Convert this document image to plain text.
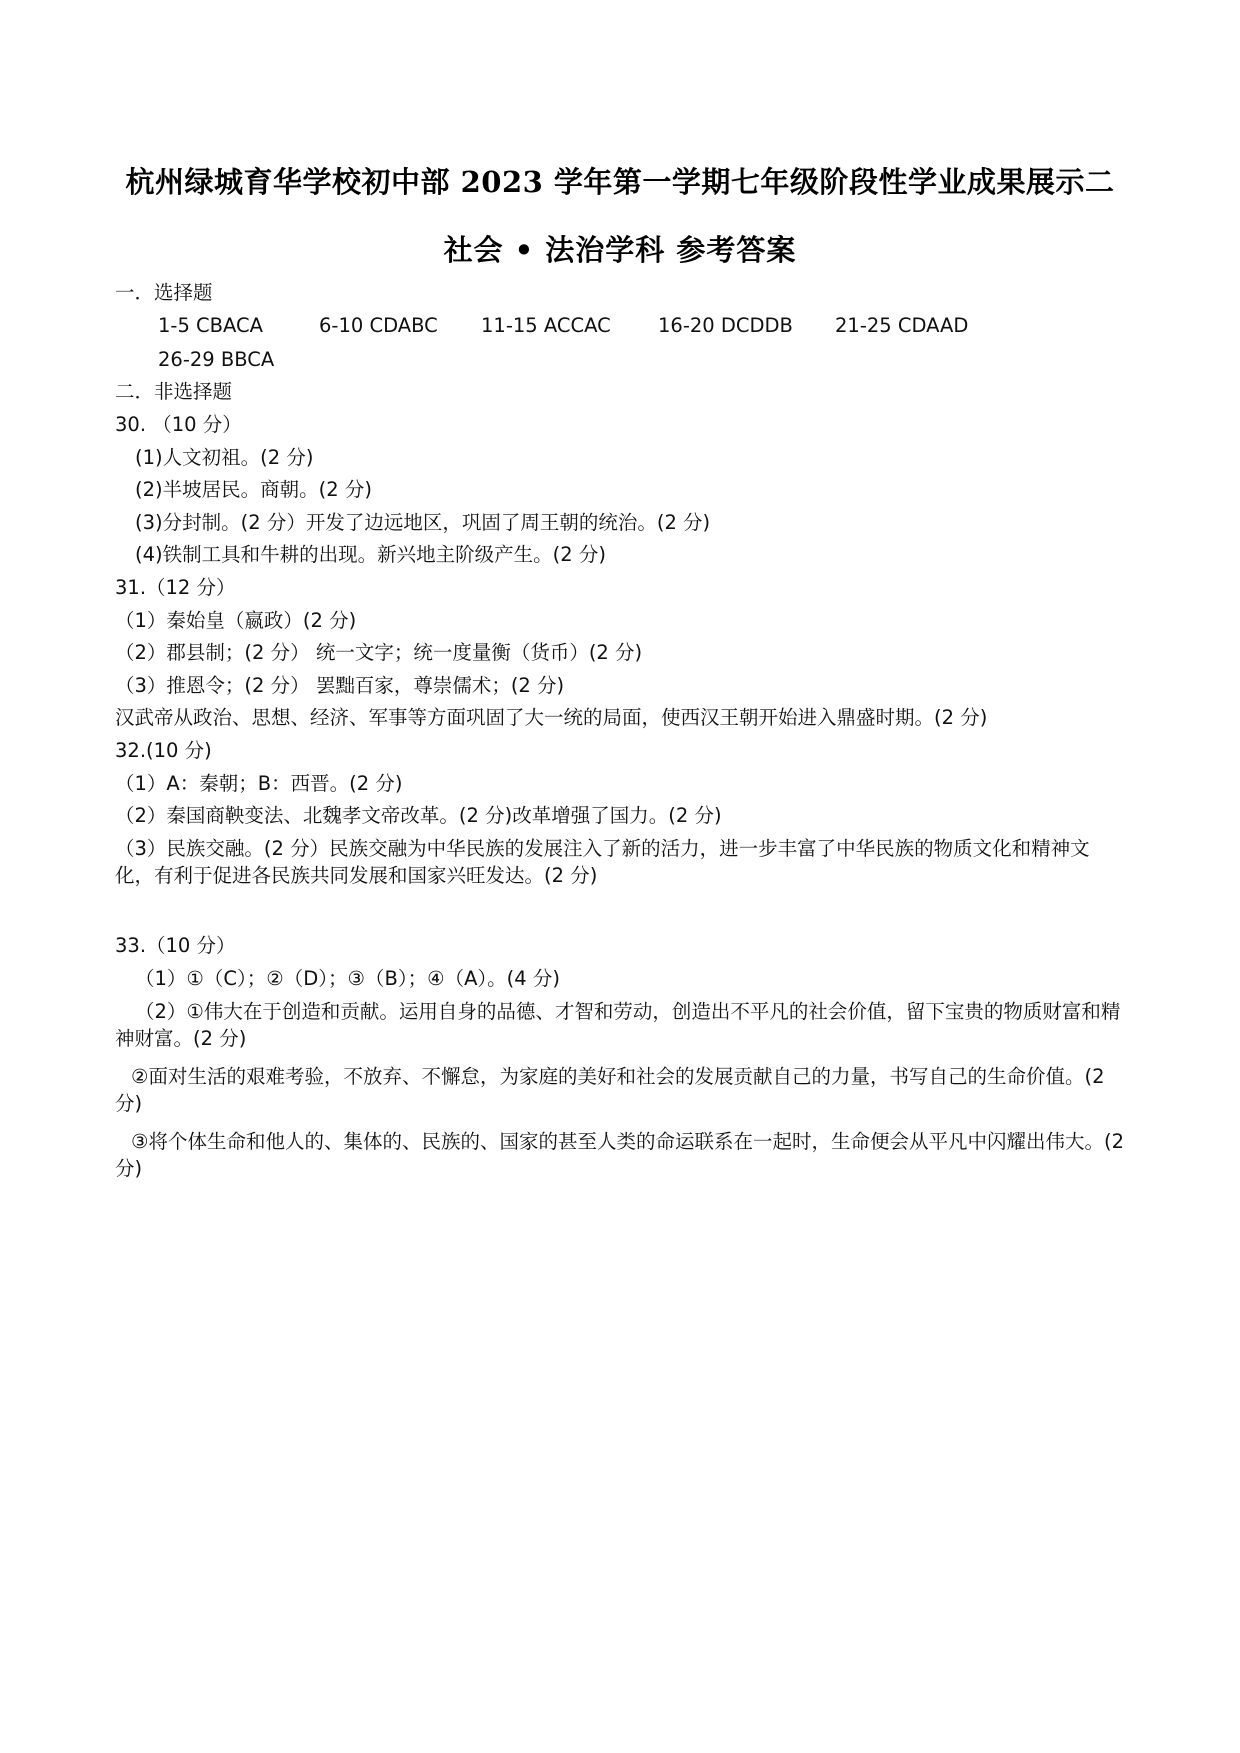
杭州绿城育华学校初中部 2023 学年第一学期七年级阶段性学业成果展示二
社会 • 法治学科 参考答案
一．选择题
1-5 CBACA	6-10 CDABC 11-15 ACCAC 16-20 DCDDB 21-25 CDAAD
26-29 BBCA
二．非选择题
30. （10 分）
(1)人文初祖。(2 分)
(2)半坡居民。商朝。(2 分)
(3)分封制。(2 分）开发了边远地区，巩固了周王朝的统治。(2 分)
(4)铁制工具和牛耕的出现。新兴地主阶级产生。(2 分)
31.（12 分）
（1）秦始皇（嬴政）(2 分)
（2）郡县制；(2 分） 统一文字；统一度量衡（货币）(2 分)
（3）推恩令；(2 分） 罢黜百家，尊崇儒术；(2 分)
汉武帝从政治、思想、经济、军事等方面巩固了大一统的局面，使西汉王朝开始进入鼎盛时期。(2 分)
32.(10 分)
（1）A：秦朝；B：西晋。(2 分)
（2）秦国商鞅变法、北魏孝文帝改革。(2 分)改革增强了国力。(2 分)
（3）民族交融。(2 分）民族交融为中华民族的发展注入了新的活力，进一步丰富了中华民族的物质文化和精神文化，有利于促进各民族共同发展和国家兴旺发达。(2 分)
33.（10 分）
（1）①（C）；②（D）；③（B）；④（A）。(4 分)
（2）①伟大在于创造和贡献。运用自身的品德、才智和劳动，创造出不平凡的社会价值，留下宝贵的物质财富和精神财富。(2 分)
②面对生活的艰难考验，不放弃、不懈怠，为家庭的美好和社会的发展贡献自己的力量，书写自己的生命价值。(2 分)
③将个体生命和他人的、集体的、民族的、国家的甚至人类的命运联系在一起时，生命便会从平凡中闪耀出伟大。(2 分)
